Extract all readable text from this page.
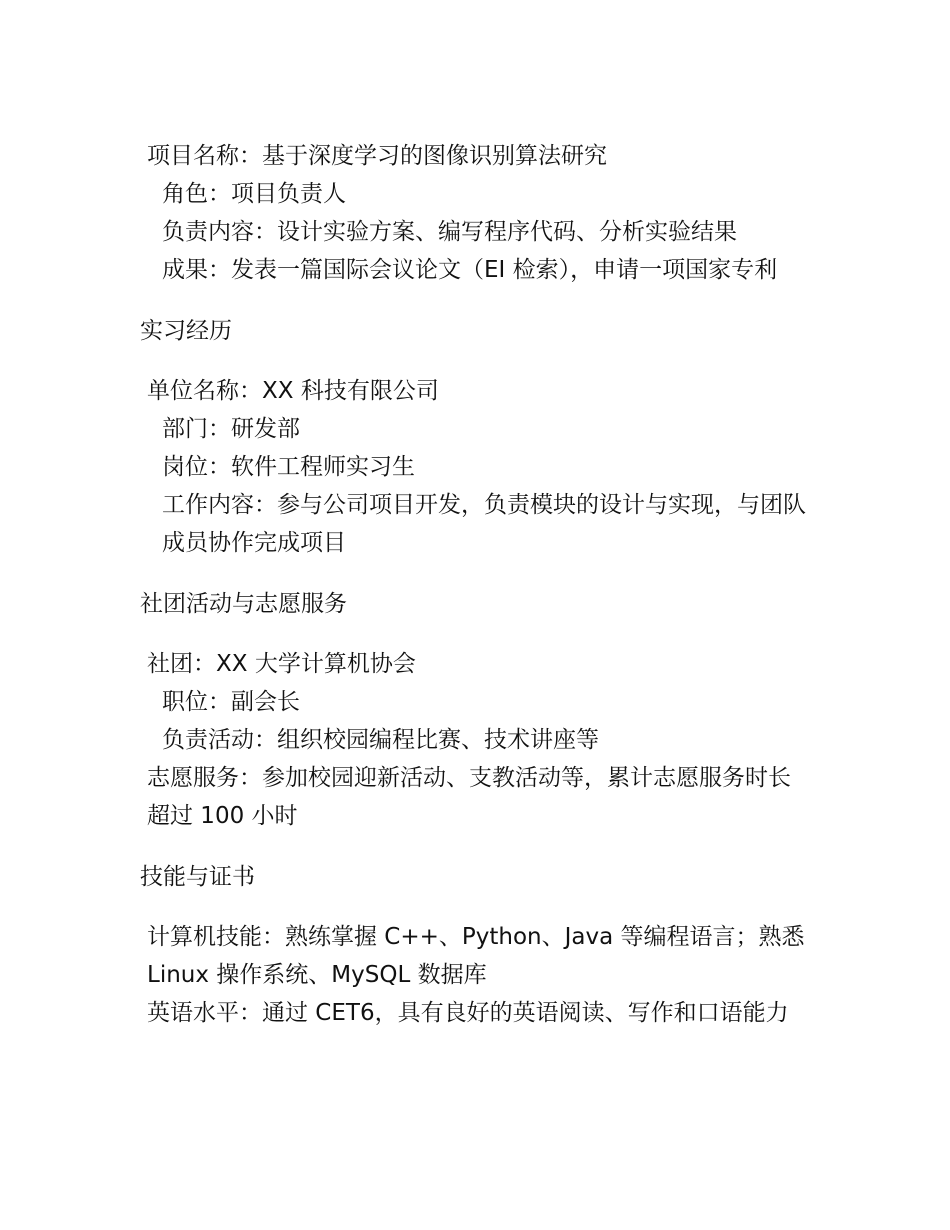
项目名称：基于深度学习的图像识别算法研究

角色：项目负责人

负责内容：设计实验方案、编写程序代码、分析实验结果

成果：发表一篇国际会议论文（EI 检索），申请一项国家专利

实习经历

单位名称：XX 科技有限公司

部门：研发部

岗位：软件工程师实习生

工作内容：参与公司项目开发，负责模块的设计与实现，与团队成员协作完成项目

社团活动与志愿服务

社团：XX 大学计算机协会

职位：副会长

负责活动：组织校园编程比赛、技术讲座等

志愿服务：参加校园迎新活动、支教活动等，累计志愿服务时长超过 100 小时

技能与证书

计算机技能：熟练掌握 C++、Python、Java 等编程语言；熟悉 Linux 操作系统、MySQL 数据库

英语水平：通过 CET6，具有良好的英语阅读、写作和口语能力
